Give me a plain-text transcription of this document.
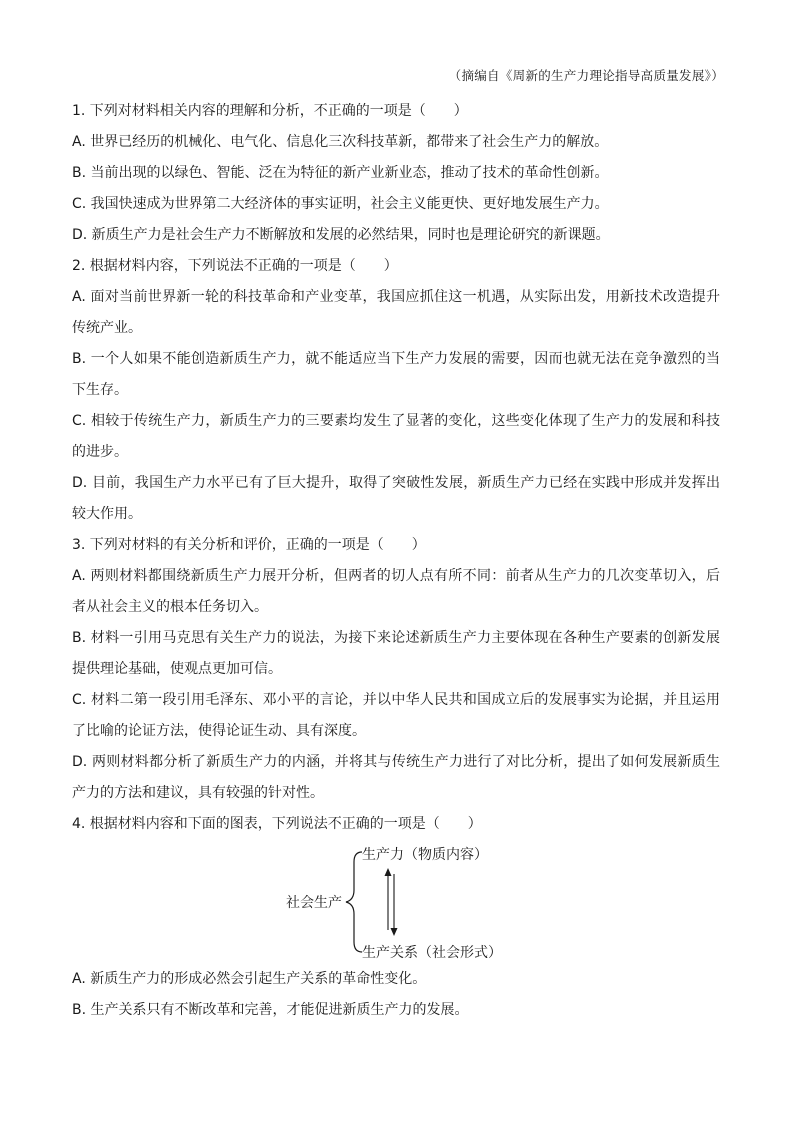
（摘编自《周新的生产力理论指导高质量发展》）
1. 下列对材料相关内容的理解和分析，不正确的一项是（　　）
A. 世界已经历的机械化、电气化、信息化三次科技革新，都带来了社会生产力的解放。
B. 当前出现的以绿色、智能、泛在为特征的新产业新业态，推动了技术的革命性创新。
C. 我国快速成为世界第二大经济体的事实证明，社会主义能更快、更好地发展生产力。
D. 新质生产力是社会生产力不断解放和发展的必然结果，同时也是理论研究的新课题。
2. 根据材料内容，下列说法不正确的一项是（　　）
A. 面对当前世界新一轮的科技革命和产业变革，我国应抓住这一机遇，从实际出发，用新技术改造提升传统产业。
B. 一个人如果不能创造新质生产力，就不能适应当下生产力发展的需要，因而也就无法在竞争激烈的当下生存。
C. 相较于传统生产力，新质生产力的三要素均发生了显著的变化，这些变化体现了生产力的发展和科技的进步。
D. 目前，我国生产力水平已有了巨大提升，取得了突破性发展，新质生产力已经在实践中形成并发挥出较大作用。
3. 下列对材料的有关分析和评价，正确的一项是（　　）
A. 两则材料都围绕新质生产力展开分析，但两者的切人点有所不同：前者从生产力的几次变革切入，后者从社会主义的根本任务切入。
B. 材料一引用马克思有关生产力的说法，为接下来论述新质生产力主要体现在各种生产要素的创新发展提供理论基础，使观点更加可信。
C. 材料二第一段引用毛泽东、邓小平的言论，并以中华人民共和国成立后的发展事实为论据，并且运用了比喻的论证方法，使得论证生动、具有深度。
D. 两则材料都分析了新质生产力的内涵，并将其与传统生产力进行了对比分析，提出了如何发展新质生产力的方法和建议，具有较强的针对性。
4. 根据材料内容和下面的图表，下列说法不正确的一项是（　　）
社会生产
生产力（物质内容）
生产关系（社会形式）
A. 新质生产力的形成必然会引起生产关系的革命性变化。
B. 生产关系只有不断改革和完善，才能促进新质生产力的发展。
